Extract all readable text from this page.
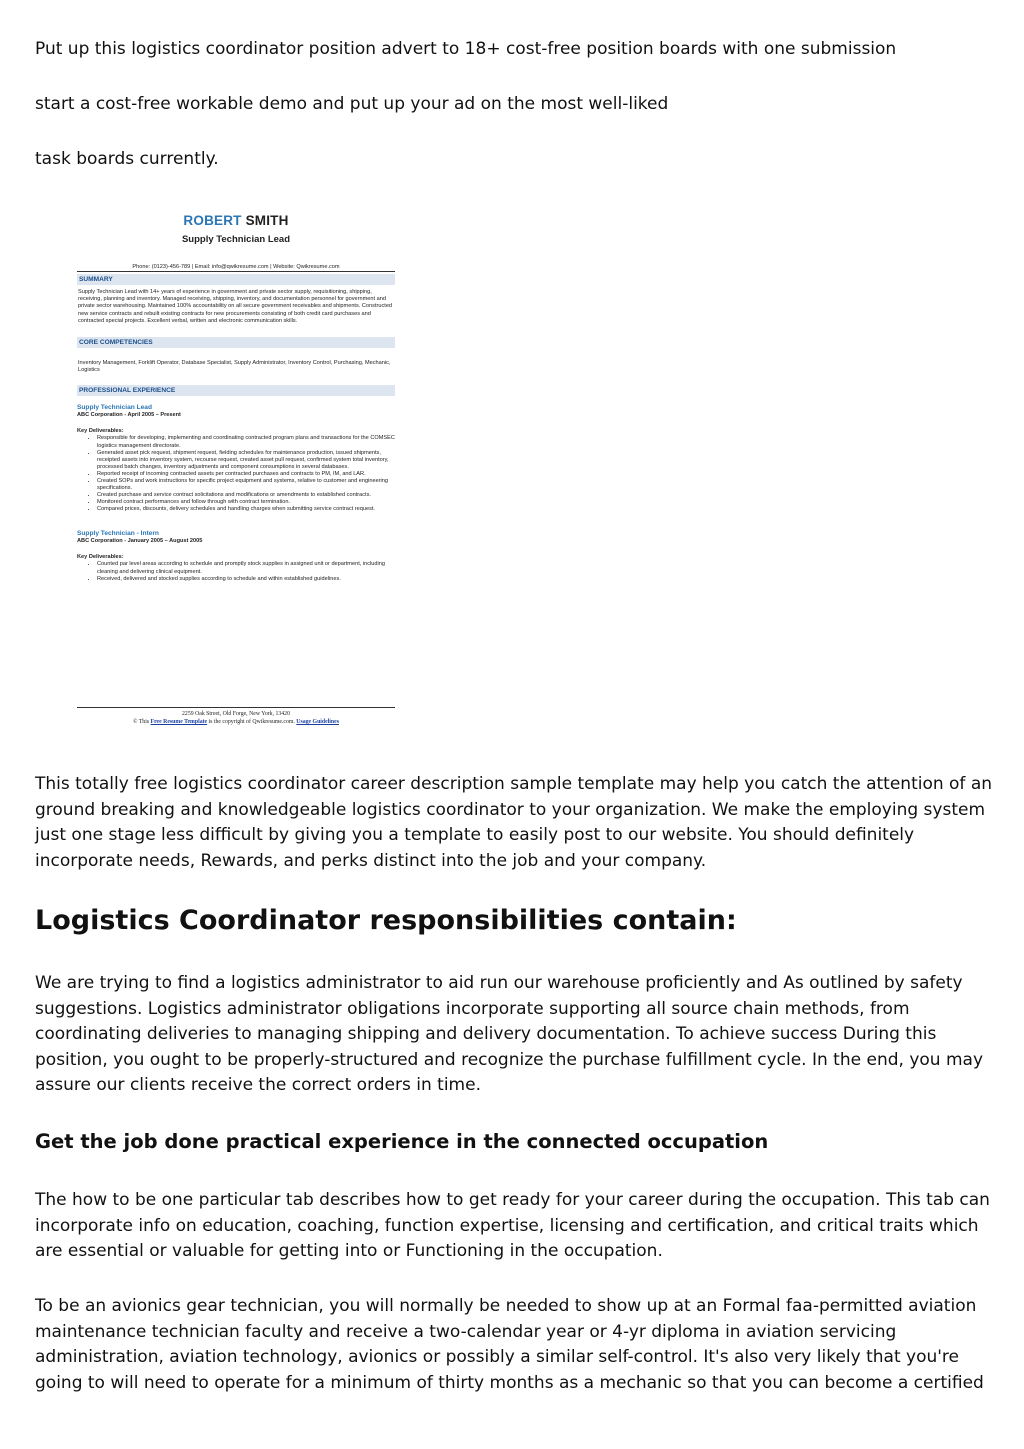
Put up this logistics coordinator position advert to 18+ cost-free position boards with one submission

start a cost-free workable demo and put up your ad on the most well-liked

task boards currently.

ROBERT SMITH
Supply Technician Lead
Phone: (0123)-456-789 | Email: info@qwikresume.com | Website: Qwikresume.com
SUMMARY
Supply Technician Lead with 14+ years of experience in government and private sector supply, requisitioning, shipping, receiving, planning and inventory. Managed receiving, shipping, inventory, and documentation personnel for government and private sector warehousing. Maintained 100% accountability on all secure government receivables and shipments. Constructed new service contracts and rebuilt existing contracts for new procurements consisting of both credit card purchases and contracted special projects. Excellent verbal, written and electronic communication skills.
CORE COMPETENCIES
Inventory Management, Forklift Operator, Database Specialist, Supply Administrator, Inventory Control, Purchasing, Mechanic, Logistics
PROFESSIONAL EXPERIENCE
Supply Technician Lead
ABC Corporation - April 2005 – Present
Key Deliverables:
• Responsible for developing, implementing and coordinating contracted program plans and transactions for the COMSEC logistics management directorate.
• Generated asset pick request, shipment request, fielding schedules for maintenance production, issued shipments, receipted assets into inventory system, recourse request, created asset pull request, confirmed system total inventory, processed batch changes, inventory adjustments and component consumptions in several databases.
• Reported receipt of incoming contracted assets per contracted purchases and contracts to PM, IM, and LAR.
• Created SOPs and work instructions for specific project equipment and systems, relative to customer and engineering specifications.
• Created purchase and service contract solicitations and modifications or amendments to established contracts.
• Monitored contract performances and follow through with contract termination.
• Compared prices, discounts, delivery schedules and handling charges when submitting service contract request.
Supply Technician - Intern
ABC Corporation - January 2005 – August 2005
Key Deliverables:
• Counted par level areas according to schedule and promptly stock supplies in assigned unit or department, including cleaning and delivering clinical equipment.
• Received, delivered and stocked supplies according to schedule and within established guidelines.
2259 Oak Street, Old Forge, New York, 13420
© This Free Resume Template is the copyright of Qwikresume.com. Usage Guidelines

This totally free logistics coordinator career description sample template may help you catch the attention of an ground breaking and knowledgeable logistics coordinator to your organization. We make the employing system just one stage less difficult by giving you a template to easily post to our website. You should definitely incorporate needs, Rewards, and perks distinct into the job and your company.

Logistics Coordinator responsibilities contain:

We are trying to find a logistics administrator to aid run our warehouse proficiently and As outlined by safety suggestions. Logistics administrator obligations incorporate supporting all source chain methods, from coordinating deliveries to managing shipping and delivery documentation. To achieve success During this position, you ought to be properly-structured and recognize the purchase fulfillment cycle. In the end, you may assure our clients receive the correct orders in time.

Get the job done practical experience in the connected occupation

The how to be one particular tab describes how to get ready for your career during the occupation. This tab can incorporate info on education, coaching, function expertise, licensing and certification, and critical traits which are essential or valuable for getting into or Functioning in the occupation.

To be an avionics gear technician, you will normally be needed to show up at an Formal faa-permitted aviation maintenance technician faculty and receive a two-calendar year or 4-yr diploma in aviation servicing administration, aviation technology, avionics or possibly a similar self-control. It's also very likely that you're going to will need to operate for a minimum of thirty months as a mechanic so that you can become a certified
